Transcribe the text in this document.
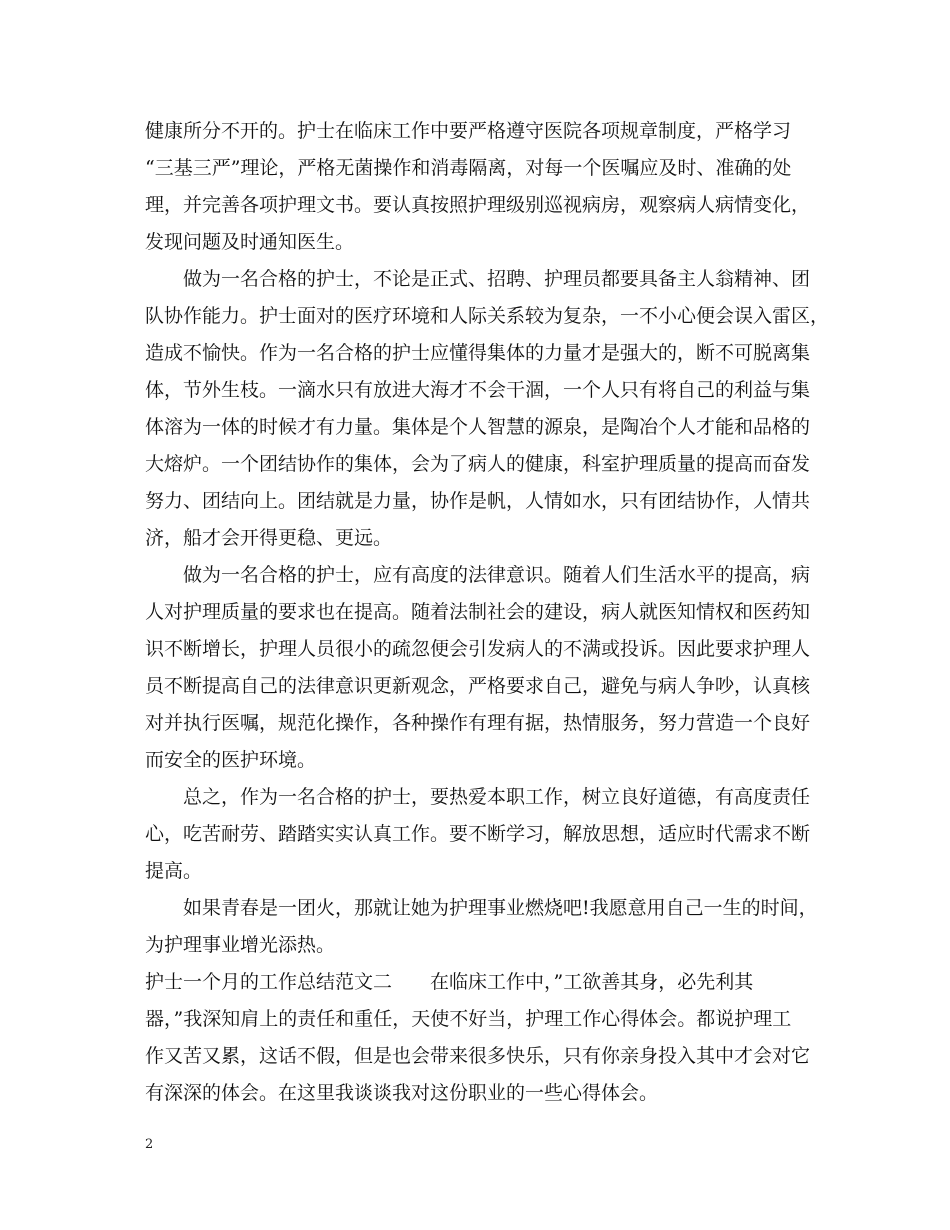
健康所分不开的。护士在临床工作中要严格遵守医院各项规章制度，严格学习

“三基三严”理论，严格无菌操作和消毒隔离，对每一个医嘱应及时、准确的处

理，并完善各项护理文书。要认真按照护理级别巡视病房，观察病人病情变化，

发现问题及时通知医生。

　　做为一名合格的护士，不论是正式、招聘、护理员都要具备主人翁精神、团

队协作能力。护士面对的医疗环境和人际关系较为复杂，一不小心便会误入雷区，

造成不愉快。作为一名合格的护士应懂得集体的力量才是强大的，断不可脱离集

体，节外生枝。一滴水只有放进大海才不会干涸，一个人只有将自己的利益与集

体溶为一体的时候才有力量。集体是个人智慧的源泉，是陶冶个人才能和品格的

大熔炉。一个团结协作的集体，会为了病人的健康，科室护理质量的提高而奋发

努力、团结向上。团结就是力量，协作是帆，人情如水，只有团结协作，人情共

济，船才会开得更稳、更远。

　　做为一名合格的护士，应有高度的法律意识。随着人们生活水平的提高，病

人对护理质量的要求也在提高。随着法制社会的建设，病人就医知情权和医药知

识不断增长，护理人员很小的疏忽便会引发病人的不满或投诉。因此要求护理人

员不断提高自己的法律意识更新观念，严格要求自己，避免与病人争吵，认真核

对并执行医嘱，规范化操作，各种操作有理有据，热情服务，努力营造一个良好

而安全的医护环境。

　　总之，作为一名合格的护士，要热爱本职工作，树立良好道德，有高度责任

心，吃苦耐劳、踏踏实实认真工作。要不断学习，解放思想，适应时代需求不断

提高。

　　如果青春是一团火，那就让她为护理事业燃烧吧!我愿意用自己一生的时间，

为护理事业增光添热。

护士一个月的工作总结范文二　　在临床工作中，”工欲善其身，必先利其

器，”我深知肩上的责任和重任，天使不好当，护理工作心得体会。都说护理工

作又苦又累，这话不假，但是也会带来很多快乐，只有你亲身投入其中才会对它

有深深的体会。在这里我谈谈我对这份职业的一些心得体会。

2
